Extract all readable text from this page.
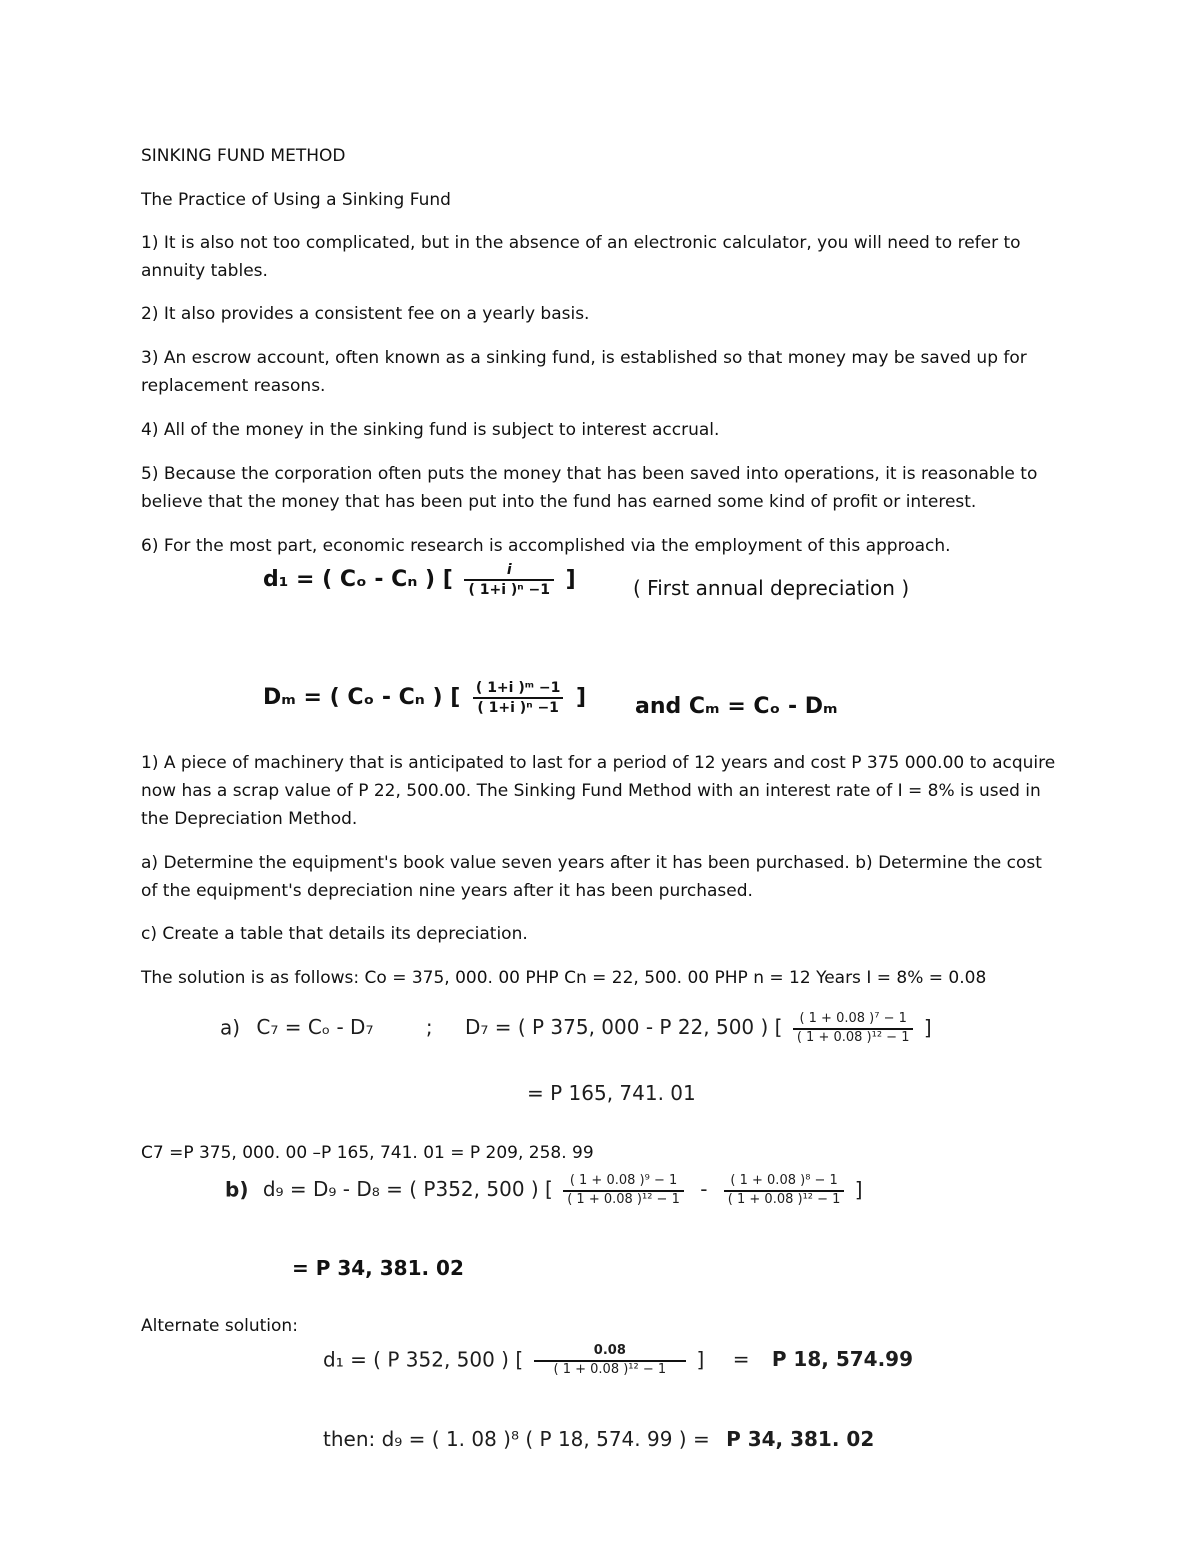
SINKING FUND METHOD
The Practice of Using a Sinking Fund
1) It is also not too complicated, but in the absence of an electronic calculator, you will need to refer to annuity tables.
2) It also provides a consistent fee on a yearly basis.
3) An escrow account, often known as a sinking fund, is established so that money may be saved up for replacement reasons.
4) All of the money in the sinking fund is subject to interest accrual.
5) Because the corporation often puts the money that has been saved into operations, it is reasonable to believe that the money that has been put into the fund has earned some kind of profit or interest.
6) For the most part, economic research is accomplished via the employment of this approach.
d₁ = ( Cₒ - Cₙ ) [ $\frac{i}{\text{( 1+i )ⁿ −1}}$ ]	( First annual depreciation )
Dₘ = ( Cₒ - Cₙ ) [ $\frac{\text{( 1+i )ᵐ −1}}{\text{( 1+i )ⁿ −1}}$ ] and Cₘ = Cₒ - Dₘ
1) A piece of machinery that is anticipated to last for a period of 12 years and cost P 375 000.00 to acquire now has a scrap value of P 22, 500.00. The Sinking Fund Method with an interest rate of I = 8% is used in the Depreciation Method.
a) Determine the equipment's book value seven years after it has been purchased. b) Determine the cost of the equipment's depreciation nine years after it has been purchased.
c) Create a table that details its depreciation.
The solution is as follows: Co = 375, 000. 00 PHP Cn = 22, 500. 00 PHP n = 12 Years I = 8% = 0.08
a) C₇ = Cₒ - D₇	; D₇ = ( P 375, 000 - P 22, 500 ) [ $\frac{\text{( 1 + 0.08 )⁷ − 1}}{\text{( 1 + 0.08 )¹² − 1}}$ ]
= P 165, 741. 01
C7 =P 375, 000. 00 –P 165, 741. 01 = P 209, 258. 99
b) d₉ = D₉ - D₈ = ( P352, 500 ) [ $\frac{\text{( 1 + 0.08 )⁹ − 1}}{\text{( 1 + 0.08 )¹² − 1}} - \frac{\text{( 1 + 0.08 )⁸ − 1}}{\text{( 1 + 0.08 )¹² − 1}}$ ]
= P 34, 381. 02
Alternate solution:
d₁ = ( P 352, 500 ) [ $\frac{0.08}{\text{( 1 + 0.08 )¹² − 1}}$ ] = P 18, 574.99
then: d₉ = ( 1. 08 )⁸ ( P 18, 574. 99 ) = P 34, 381. 02
